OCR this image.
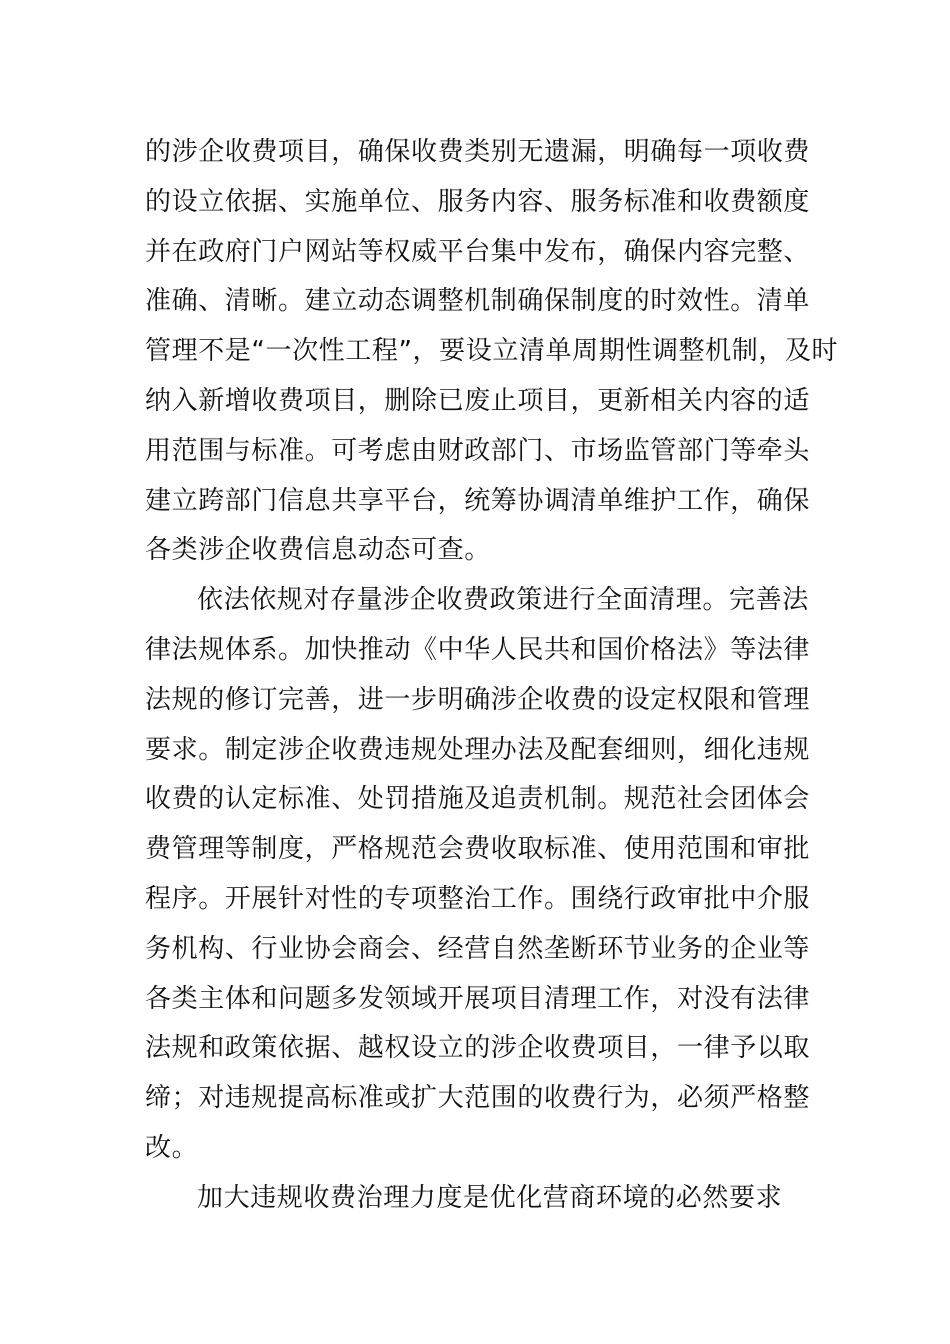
的涉企收费项目，确保收费类别无遗漏，明确每一项收费
的设立依据、实施单位、服务内容、服务标准和收费额度
并在政府门户网站等权威平台集中发布，确保内容完整、
准确、清晰。建立动态调整机制确保制度的时效性。清单
管理不是“一次性工程”，要设立清单周期性调整机制，及时
纳入新增收费项目，删除已废止项目，更新相关内容的适
用范围与标准。可考虑由财政部门、市场监管部门等牵头
建立跨部门信息共享平台，统筹协调清单维护工作，确保
各类涉企收费信息动态可查。
依法依规对存量涉企收费政策进行全面清理。完善法
律法规体系。加快推动《中华人民共和国价格法》等法律
法规的修订完善，进一步明确涉企收费的设定权限和管理
要求。制定涉企收费违规处理办法及配套细则，细化违规
收费的认定标准、处罚措施及追责机制。规范社会团体会
费管理等制度，严格规范会费收取标准、使用范围和审批
程序。开展针对性的专项整治工作。围绕行政审批中介服
务机构、行业协会商会、经营自然垄断环节业务的企业等
各类主体和问题多发领域开展项目清理工作，对没有法律
法规和政策依据、越权设立的涉企收费项目，一律予以取
缔；对违规提高标准或扩大范围的收费行为，必须严格整
改。
加大违规收费治理力度是优化营商环境的必然要求
